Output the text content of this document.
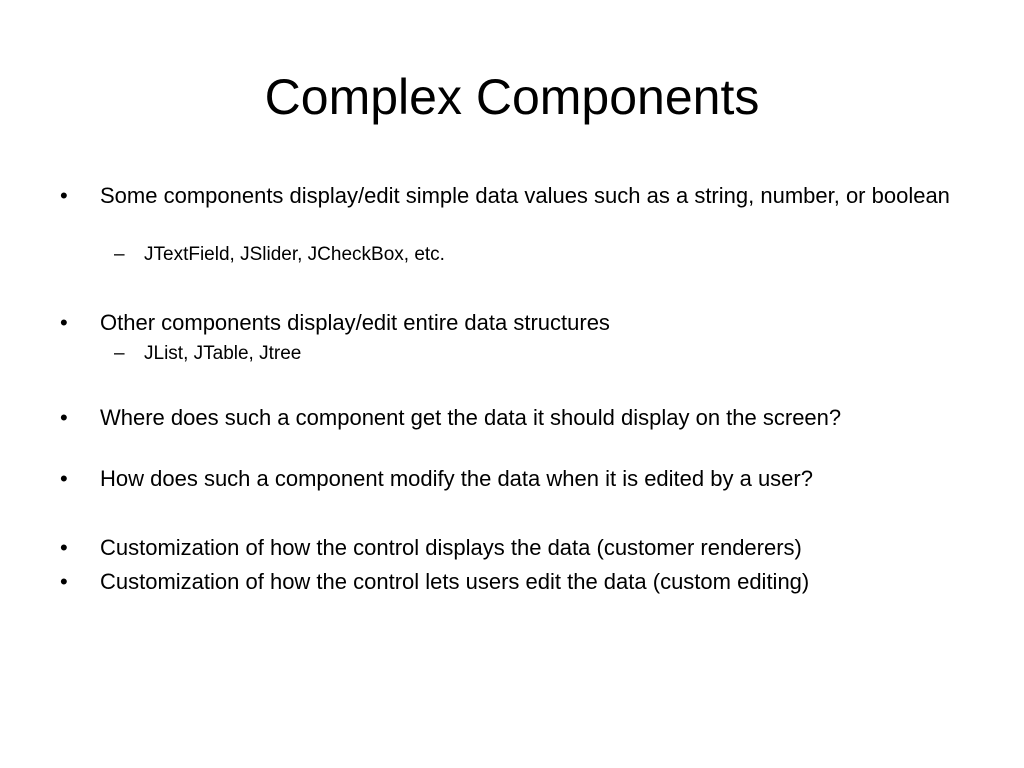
Complex Components
•	Some components display/edit simple data values such as a string, number, or boolean
–	JTextField, JSlider, JCheckBox, etc.
•	Other components display/edit entire data structures
–	JList, JTable, Jtree
•	Where does such a component get the data it should display on the screen?
•	How does such a component modify the data when it is edited by a user?
•	Customization of how the control displays the data (customer renderers)
•	Customization of how the control lets users edit the data (custom editing)
